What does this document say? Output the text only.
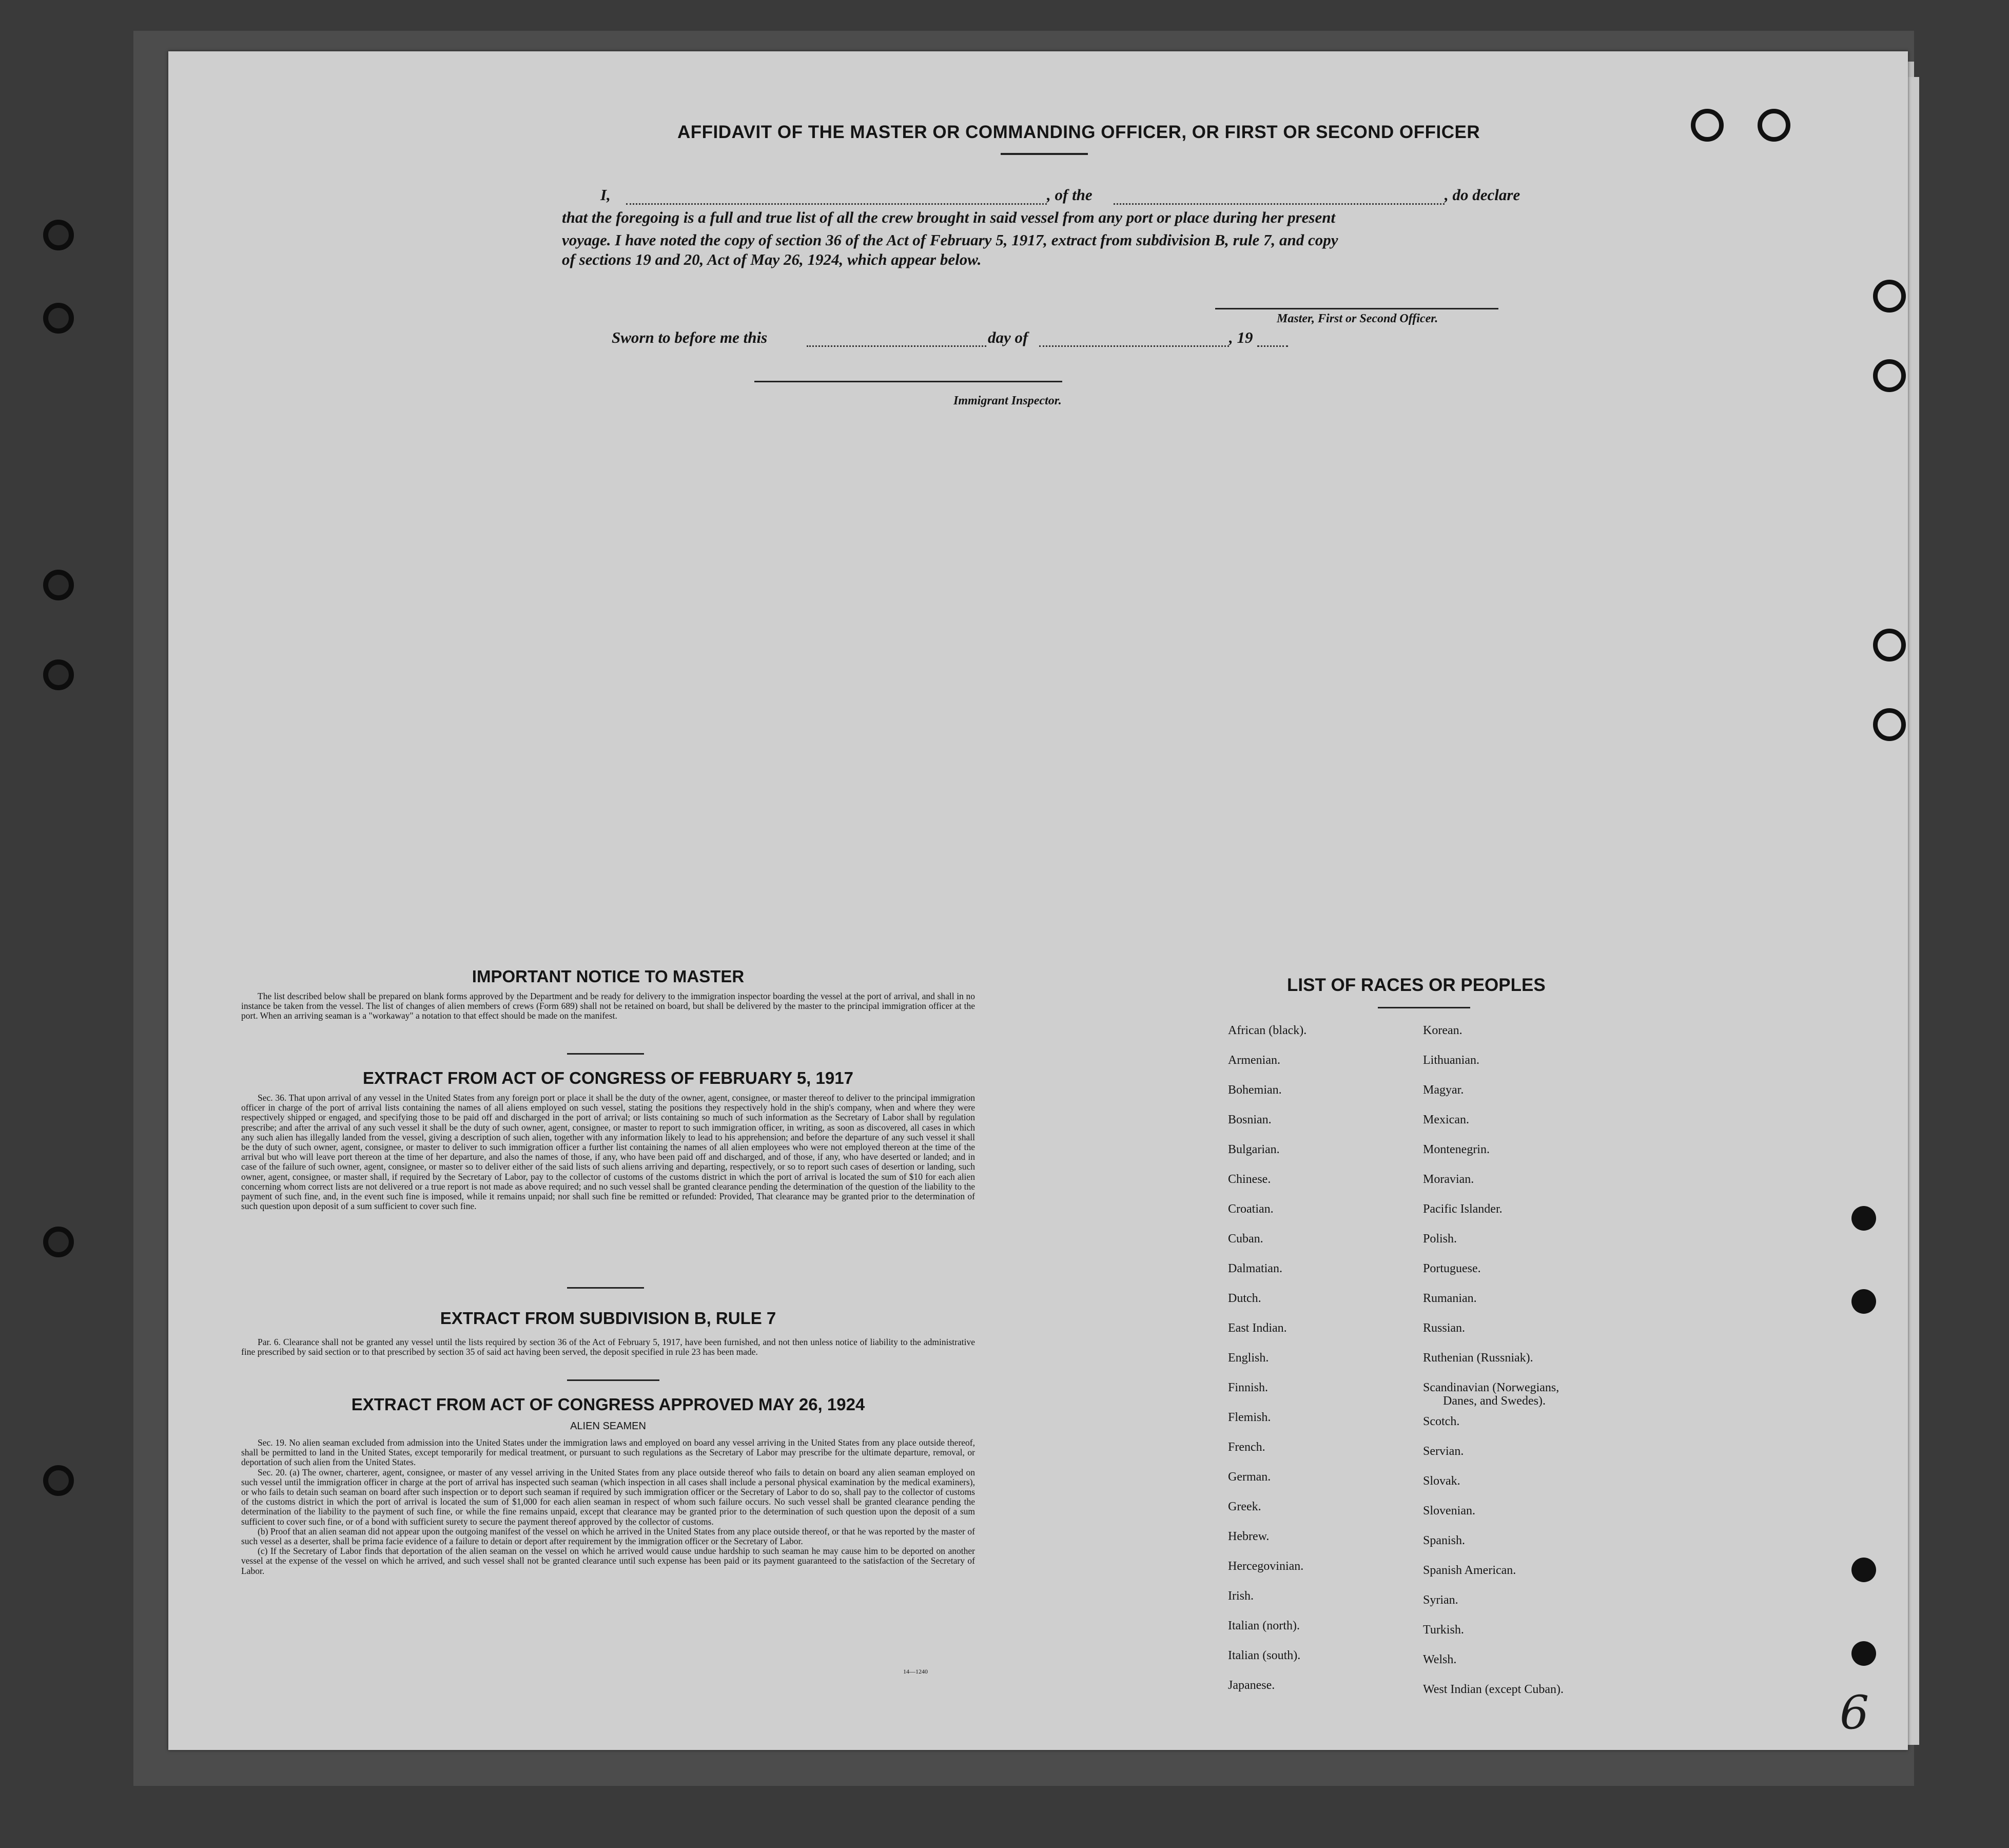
AFFIDAVIT OF THE MASTER OR COMMANDING OFFICER, OR FIRST OR SECOND OFFICER
I,	, of the	, do declare
that the foregoing is a full and true list of all the crew brought in said vessel from any port or place during her present
voyage. I have noted the copy of section 36 of the Act of February 5, 1917, extract from subdivision B, rule 7, and copy
of sections 19 and 20, Act of May 26, 1924, which appear below.
Master, First or Second Officer.
Sworn to before me this	day of	, 19
Immigrant Inspector.
IMPORTANT NOTICE TO MASTER

The list described below shall be prepared on blank forms approved by the Department and be ready for delivery to the immigration inspector boarding the vessel at the port of arrival, and shall in no instance be taken from the vessel. The list of changes of alien members of crews (Form 689) shall not be retained on board, but shall be delivered by the master to the principal immigration officer at the port. When an arriving seaman is a "workaway" a notation to that effect should be made on the manifest.

EXTRACT FROM ACT OF CONGRESS OF FEBRUARY 5, 1917

Sec. 36. That upon arrival of any vessel in the United States from any foreign port or place it shall be the duty of the owner, agent, consignee, or master thereof to deliver to the principal immigration officer in charge of the port of arrival lists containing the names of all aliens employed on such vessel, stating the positions they respectively hold in the ship's company, when and where they were respectively shipped or engaged, and specifying those to be paid off and discharged in the port of arrival; or lists containing so much of such information as the Secretary of Labor shall by regulation prescribe; and after the arrival of any such vessel it shall be the duty of such owner, agent, consignee, or master to report to such immigration officer, in writing, as soon as discovered, all cases in which any such alien has illegally landed from the vessel, giving a description of such alien, together with any information likely to lead to his apprehension; and before the departure of any such vessel it shall be the duty of such owner, agent, consignee, or master to deliver to such immigration officer a further list containing the names of all alien employees who were not employed thereon at the time of the arrival but who will leave port thereon at the time of her departure, and also the names of those, if any, who have been paid off and discharged, and of those, if any, who have deserted or landed; and in case of the failure of such owner, agent, consignee, or master so to deliver either of the said lists of such aliens arriving and departing, respectively, or so to report such cases of desertion or landing, such owner, agent, consignee, or master shall, if required by the Secretary of Labor, pay to the collector of customs of the customs district in which the port of arrival is located the sum of $10 for each alien concerning whom correct lists are not delivered or a true report is not made as above required; and no such vessel shall be granted clearance pending the determination of the question of the liability to the payment of such fine, and, in the event such fine is imposed, while it remains unpaid; nor shall such fine be remitted or refunded: Provided, That clearance may be granted prior to the determination of such question upon deposit of a sum sufficient to cover such fine.

EXTRACT FROM SUBDIVISION B, RULE 7

Par. 6. Clearance shall not be granted any vessel until the lists required by section 36 of the Act of February 5, 1917, have been furnished, and not then unless notice of liability to the administrative fine prescribed by said section or to that prescribed by section 35 of said act having been served, the deposit specified in rule 23 has been made.

EXTRACT FROM ACT OF CONGRESS APPROVED MAY 26, 1924
ALIEN SEAMEN

Sec. 19. No alien seaman excluded from admission into the United States under the immigration laws and employed on board any vessel arriving in the United States from any place outside thereof, shall be permitted to land in the United States, except temporarily for medical treatment, or pursuant to such regulations as the Secretary of Labor may prescribe for the ultimate departure, removal, or deportation of such alien from the United States.

Sec. 20. (a) The owner, charterer, agent, consignee, or master of any vessel arriving in the United States from any place outside thereof who fails to detain on board any alien seaman employed on such vessel until the immigration officer in charge at the port of arrival has inspected such seaman (which inspection in all cases shall include a personal physical examination by the medical examiners), or who fails to detain such seaman on board after such inspection or to deport such seaman if required by such immigration officer or the Secretary of Labor to do so, shall pay to the collector of customs of the customs district in which the port of arrival is located the sum of $1,000 for each alien seaman in respect of whom such failure occurs. No such vessel shall be granted clearance pending the determination of the liability to the payment of such fine, or while the fine remains unpaid, except that clearance may be granted prior to the determination of such question upon the deposit of a sum sufficient to cover such fine, or of a bond with sufficient surety to secure the payment thereof approved by the collector of customs.

(b) Proof that an alien seaman did not appear upon the outgoing manifest of the vessel on which he arrived in the United States from any place outside thereof, or that he was reported by the master of such vessel as a deserter, shall be prima facie evidence of a failure to detain or deport after requirement by the immigration officer or the Secretary of Labor.

(c) If the Secretary of Labor finds that deportation of the alien seaman on the vessel on which he arrived would cause undue hardship to such seaman he may cause him to be deported on another vessel at the expense of the vessel on which he arrived, and such vessel shall not be granted clearance until such expense has been paid or its payment guaranteed to the satisfaction of the Secretary of Labor.

14—1240
LIST OF RACES OR PEOPLES
African (black).
Armenian.
Bohemian.
Bosnian.
Bulgarian.
Chinese.
Croatian.
Cuban.
Dalmatian.
Dutch.
East Indian.
English.
Finnish.
Flemish.
French.
German.
Greek.
Hebrew.
Hercegovinian.
Irish.
Italian (north).
Italian (south).
Japanese.
Korean.
Lithuanian.
Magyar.
Mexican.
Montenegrin.
Moravian.
Pacific Islander.
Polish.
Portuguese.
Rumanian.
Russian.
Ruthenian (Russniak).
Scandinavian (Norwegians,
Scotch.
Servian.
Slovak.
Slovenian.
Spanish.
Spanish American.
Syrian.
Turkish.
Welsh.
West Indian (except Cuban).
Danes, and Swedes).
6
